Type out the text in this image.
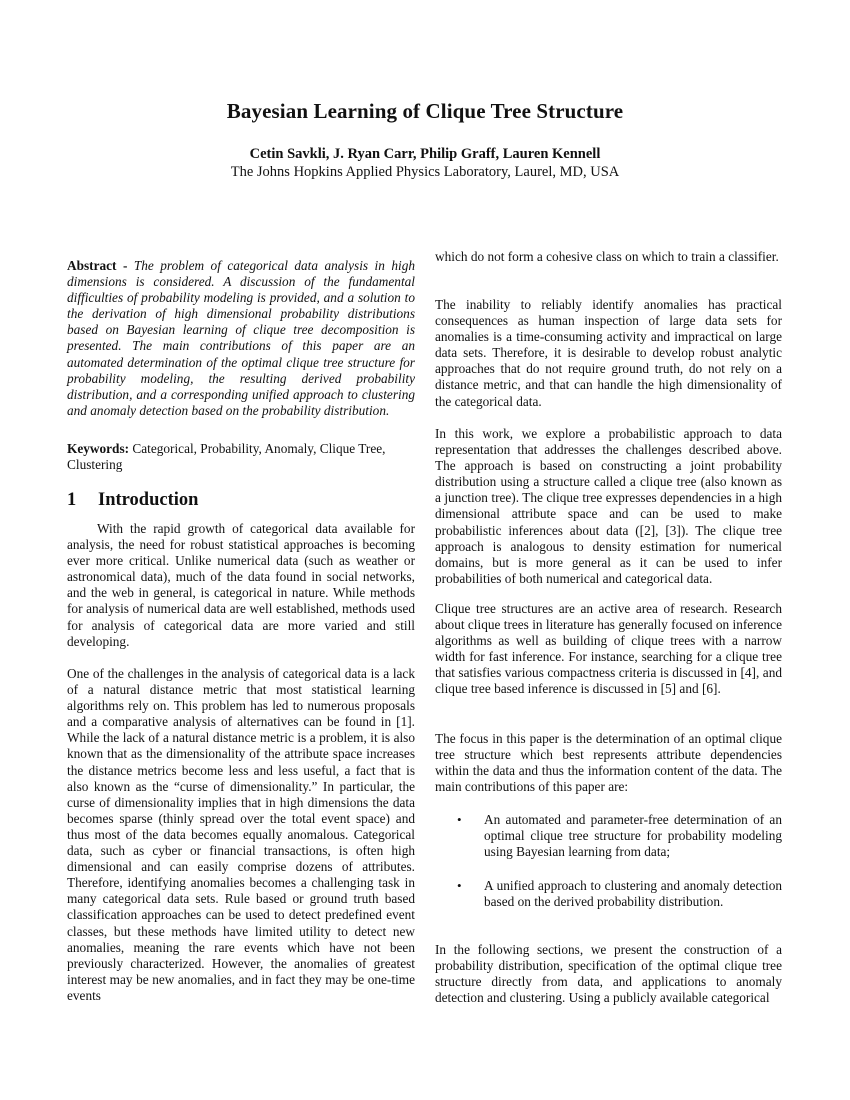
Bayesian Learning of Clique Tree Structure
Cetin Savkli, J. Ryan Carr, Philip Graff, Lauren Kennell
The Johns Hopkins Applied Physics Laboratory, Laurel, MD, USA

Abstract - The problem of categorical data analysis in high dimensions is considered. A discussion of the fundamental difficulties of probability modeling is provided, and a solution to the derivation of high dimensional probability distributions based on Bayesian learning of clique tree decomposition is presented. The main contributions of this paper are an automated determination of the optimal clique tree structure for probability modeling, the resulting derived probability distribution, and a corresponding unified approach to clustering and anomaly detection based on the probability distribution.

Keywords: Categorical, Probability, Anomaly, Clique Tree, Clustering

1 Introduction

With the rapid growth of categorical data available for analysis, the need for robust statistical approaches is becoming ever more critical. Unlike numerical data (such as weather or astronomical data), much of the data found in social networks, and the web in general, is categorical in nature. While methods for analysis of numerical data are well established, methods used for analysis of categorical data are more varied and still developing.

One of the challenges in the analysis of categorical data is a lack of a natural distance metric that most statistical learning algorithms rely on. This problem has led to numerous proposals and a comparative analysis of alternatives can be found in [1]. While the lack of a natural distance metric is a problem, it is also known that as the dimensionality of the attribute space increases the distance metrics become less and less useful, a fact that is also known as the “curse of dimensionality.” In particular, the curse of dimensionality implies that in high dimensions the data becomes sparse (thinly spread over the total event space) and thus most of the data becomes equally anomalous. Categorical data, such as cyber or financial transactions, is often high dimensional and can easily comprise dozens of attributes. Therefore, identifying anomalies becomes a challenging task in many categorical data sets. Rule based or ground truth based classification approaches can be used to detect predefined event classes, but these methods have limited utility to detect new anomalies, meaning the rare events which have not been previously characterized. However, the anomalies of greatest interest may be new anomalies, and in fact they may be one-time events

which do not form a cohesive class on which to train a classifier.

The inability to reliably identify anomalies has practical consequences as human inspection of large data sets for anomalies is a time-consuming activity and impractical on large data sets. Therefore, it is desirable to develop robust analytic approaches that do not require ground truth, do not rely on a distance metric, and that can handle the high dimensionality of the categorical data.

In this work, we explore a probabilistic approach to data representation that addresses the challenges described above. The approach is based on constructing a joint probability distribution using a structure called a clique tree (also known as a junction tree). The clique tree expresses dependencies in a high dimensional attribute space and can be used to make probabilistic inferences about data ([2], [3]). The clique tree approach is analogous to density estimation for numerical domains, but is more general as it can be used to infer probabilities of both numerical and categorical data.

Clique tree structures are an active area of research. Research about clique trees in literature has generally focused on inference algorithms as well as building of clique trees with a narrow width for fast inference. For instance, searching for a clique tree that satisfies various compactness criteria is discussed in [4], and clique tree based inference is discussed in [5] and [6].

The focus in this paper is the determination of an optimal clique tree structure which best represents attribute dependencies within the data and thus the information content of the data. The main contributions of this paper are:

• An automated and parameter-free determination of an optimal clique tree structure for probability modeling using Bayesian learning from data;
• A unified approach to clustering and anomaly detection based on the derived probability distribution.

In the following sections, we present the construction of a probability distribution, specification of the optimal clique tree structure directly from data, and applications to anomaly detection and clustering. Using a publicly available categorical
